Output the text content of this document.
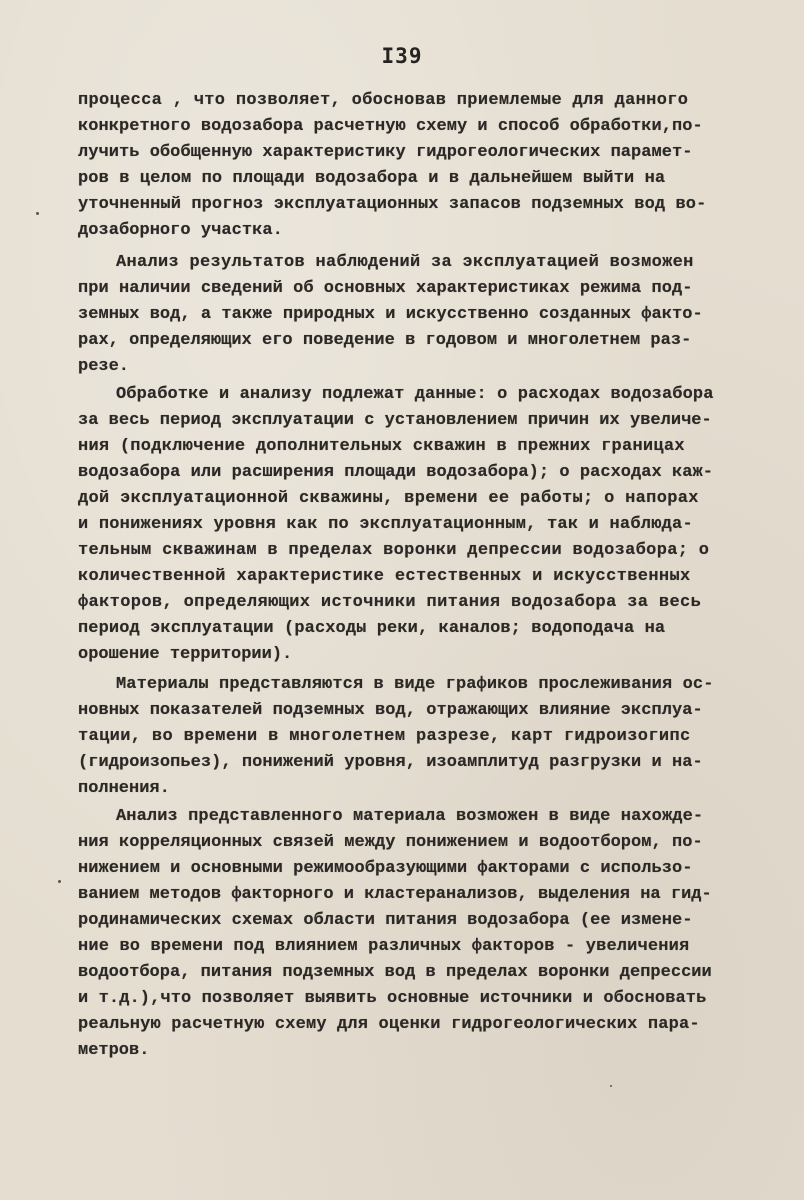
I39
процесса , что позволяет, обосновав приемлемые для данного
конкретного водозабора расчетную схему и способ обработки,по-
лучить обобщенную характеристику гидрогеологических парамет-
ров в целом по площади водозабора и в дальнейшем выйти на
уточненный прогноз эксплуатационных запасов подземных вод во-
дозаборного участка.
Анализ результатов наблюдений за эксплуатацией возможен
при наличии сведений об основных характеристиках режима под-
земных вод, а также природных и искусственно созданных факто-
рах, определяющих его поведение в годовом и многолетнем раз-
резе.
Обработке и анализу подлежат данные: о расходах водозабора
за весь период эксплуатации с установлением причин их увеличе-
ния (подключение дополнительных скважин в прежних границах
водозабора или расширения площади водозабора); о расходах каж-
дой эксплуатационной скважины, времени ее работы; о напорах
и понижениях уровня как по эксплуатационным, так и наблюда-
тельным скважинам в пределах воронки депрессии водозабора; о
количественной характеристике естественных и искусственных
факторов, определяющих источники питания водозабора за весь
период эксплуатации (расходы реки, каналов; водоподача на
орошение территории).
Материалы представляются в виде графиков прослеживания ос-
новных показателей подземных вод, отражающих влияние эксплуа-
тации, во времени в многолетнем разрезе, карт гидроизогипс
(гидроизопьез), понижений уровня, изоамплитуд разгрузки и на-
полнения.
Анализ представленного материала возможен в виде нахожде-
ния корреляционных связей между понижением и водоотбором, по-
нижением и основными режимообразующими факторами с использо-
ванием методов факторного и кластеранализов, выделения на гид-
родинамических схемах области питания водозабора (ее измене-
ние во времени под влиянием различных факторов - увеличения
водоотбора, питания подземных вод в пределах воронки депрессии
и т.д.),что позволяет выявить основные источники и обосновать
реальную расчетную схему для оценки гидрогеологических пара-
метров.
